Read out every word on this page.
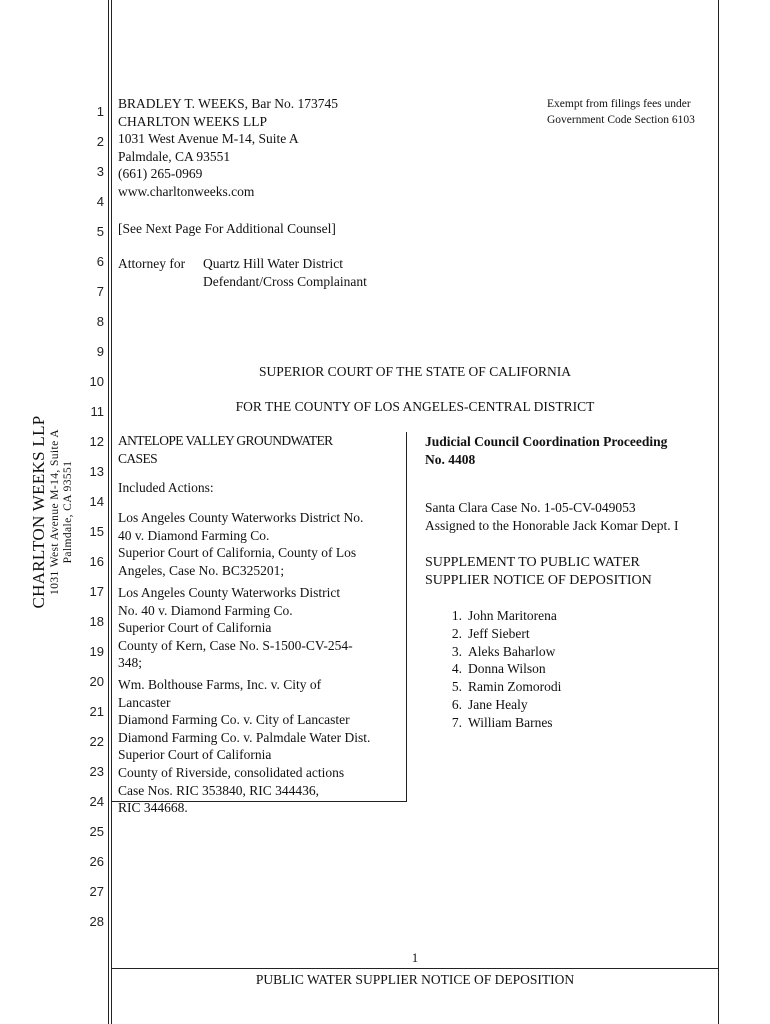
CHARLTON WEEKS LLP 1031 West Avenue M-14, Suite A Palmdale, CA 93551
1
2
3
4
5
6
7
8
9
10
11
12
13
14
15
16
17
18
19
20
21
22
23
24
25
26
27
28
BRADLEY T. WEEKS, Bar No. 173745
CHARLTON WEEKS LLP
1031 West Avenue M-14, Suite A
Palmdale, CA 93551
(661) 265-0969
www.charltonweeks.com
[See Next Page For Additional Counsel]
Attorney for Quartz Hill Water District
Defendant/Cross Complainant
Exempt from filings fees under
Government Code Section 6103
SUPERIOR COURT OF THE STATE OF CALIFORNIA
FOR THE COUNTY OF LOS ANGELES-CENTRAL DISTRICT
ANTELOPE VALLEY GROUNDWATER
CASES
Included Actions:
Los Angeles County Waterworks District No.
40 v. Diamond Farming Co.
Superior Court of California, County of Los
Angeles, Case No. BC325201;
Los Angeles County Waterworks District
No. 40 v. Diamond Farming Co.
Superior Court of California
County of Kern, Case No. S-1500-CV-254-
348;
Wm. Bolthouse Farms, Inc. v. City of
Lancaster
Diamond Farming Co. v. City of Lancaster
Diamond Farming Co. v. Palmdale Water Dist.
Superior Court of California
County of Riverside, consolidated actions
Case Nos. RIC 353840, RIC 344436,
RIC 344668.
Judicial Council Coordination Proceeding
No. 4408
Santa Clara Case No. 1-05-CV-049053
Assigned to the Honorable Jack Komar Dept. I
SUPPLEMENT TO PUBLIC WATER
SUPPLIER NOTICE OF DEPOSITION
1. John Maritorena
2. Jeff Siebert
3. Aleks Baharlow
4. Donna Wilson
5. Ramin Zomorodi
6. Jane Healy
7. William Barnes
1
PUBLIC WATER SUPPLIER NOTICE OF DEPOSITION
